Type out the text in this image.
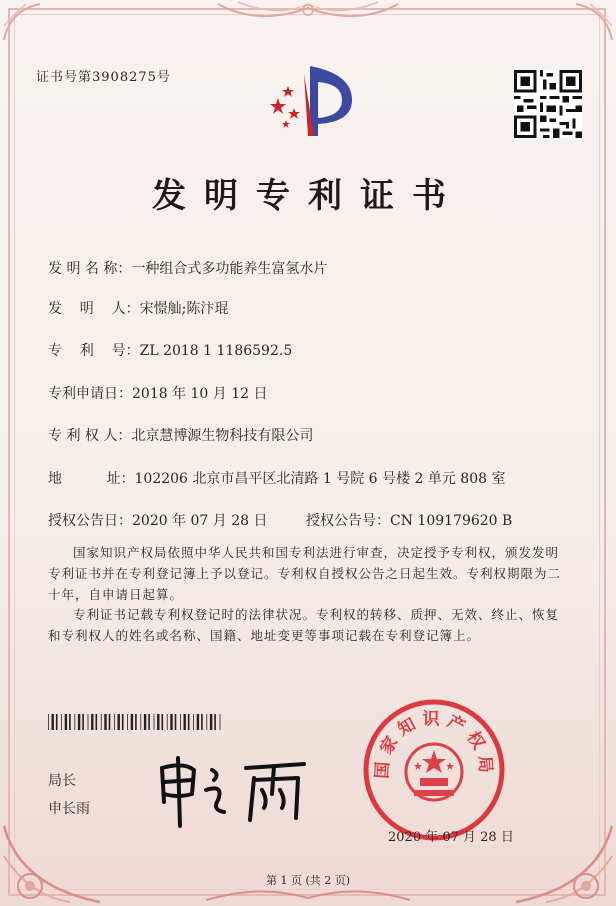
证书号第3908275号
发明专利证书
发 明 名 称：一种组合式多功能养生富氢水片
发    明    人：宋憬舢;陈汴琨
专    利    号：ZL 2018 1 1186592.5
专利申请日：2018 年 10 月 12 日
专 利 权 人：北京慧博源生物科技有限公司
地          址：102206 北京市昌平区北清路 1 号院 6 号楼 2 单元 808 室
授权公告日：2020 年 07 月 28 日	授权公告号：CN 109179620 B
国家知识产权局依照中华人民共和国专利法进行审查，决定授予专利权，颁发发明专利证书并在专利登记簿上予以登记。专利权自授权公告之日起生效。专利权期限为二十年，自申请日起算。
专利证书记载专利权登记时的法律状况。专利权的转移、质押、无效、终止、恢复和专利权人的姓名或名称、国籍、地址变更等事项记载在专利登记簿上。
局长
申长雨
国家知识产权局
2020 年 07 月 28 日
第 1 页 (共 2 页)
